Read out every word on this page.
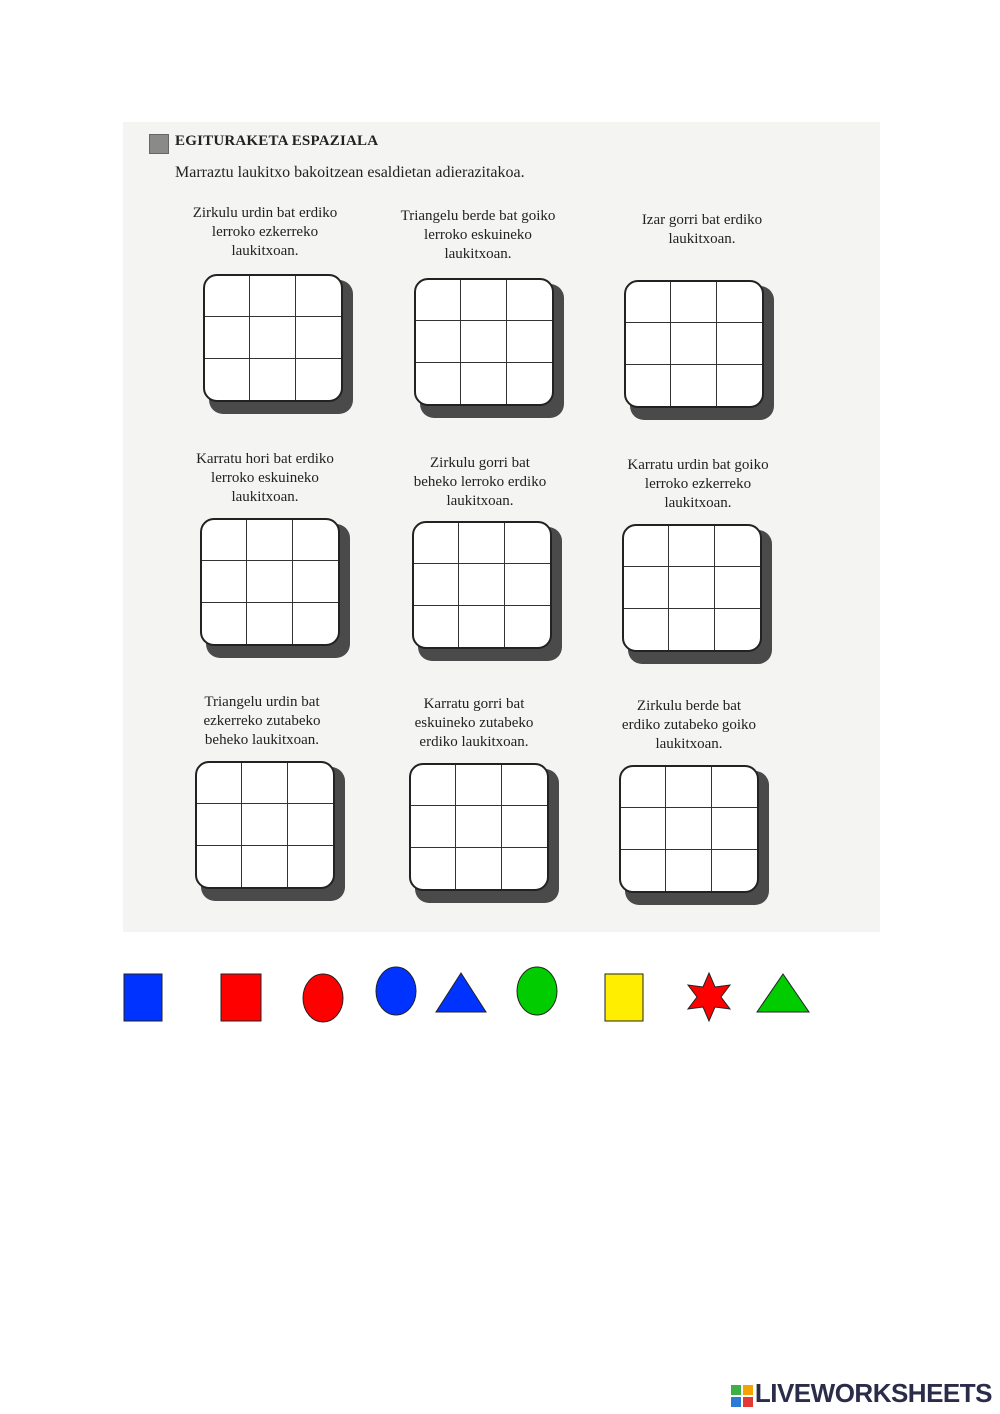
EGITURAKETA ESPAZIALA
Marraztu laukitxo bakoitzean esaldietan adierazitakoa.
Zirkulu urdin bat erdiko
lerroko ezkerreko
laukitxoan.
Triangelu berde bat goiko
lerroko eskuineko
laukitxoan.
Izar gorri bat erdiko
laukitxoan.
Karratu hori bat erdiko
lerroko eskuineko
laukitxoan.
Zirkulu gorri bat
beheko lerroko erdiko
laukitxoan.
Karratu urdin bat goiko
lerroko ezkerreko
laukitxoan.
Triangelu urdin bat
ezkerreko zutabeko
beheko laukitxoan.
Karratu gorri bat
eskuineko zutabeko
erdiko laukitxoan.
Zirkulu berde bat
erdiko zutabeko goiko
laukitxoan.
LIVEWORKSHEETS
